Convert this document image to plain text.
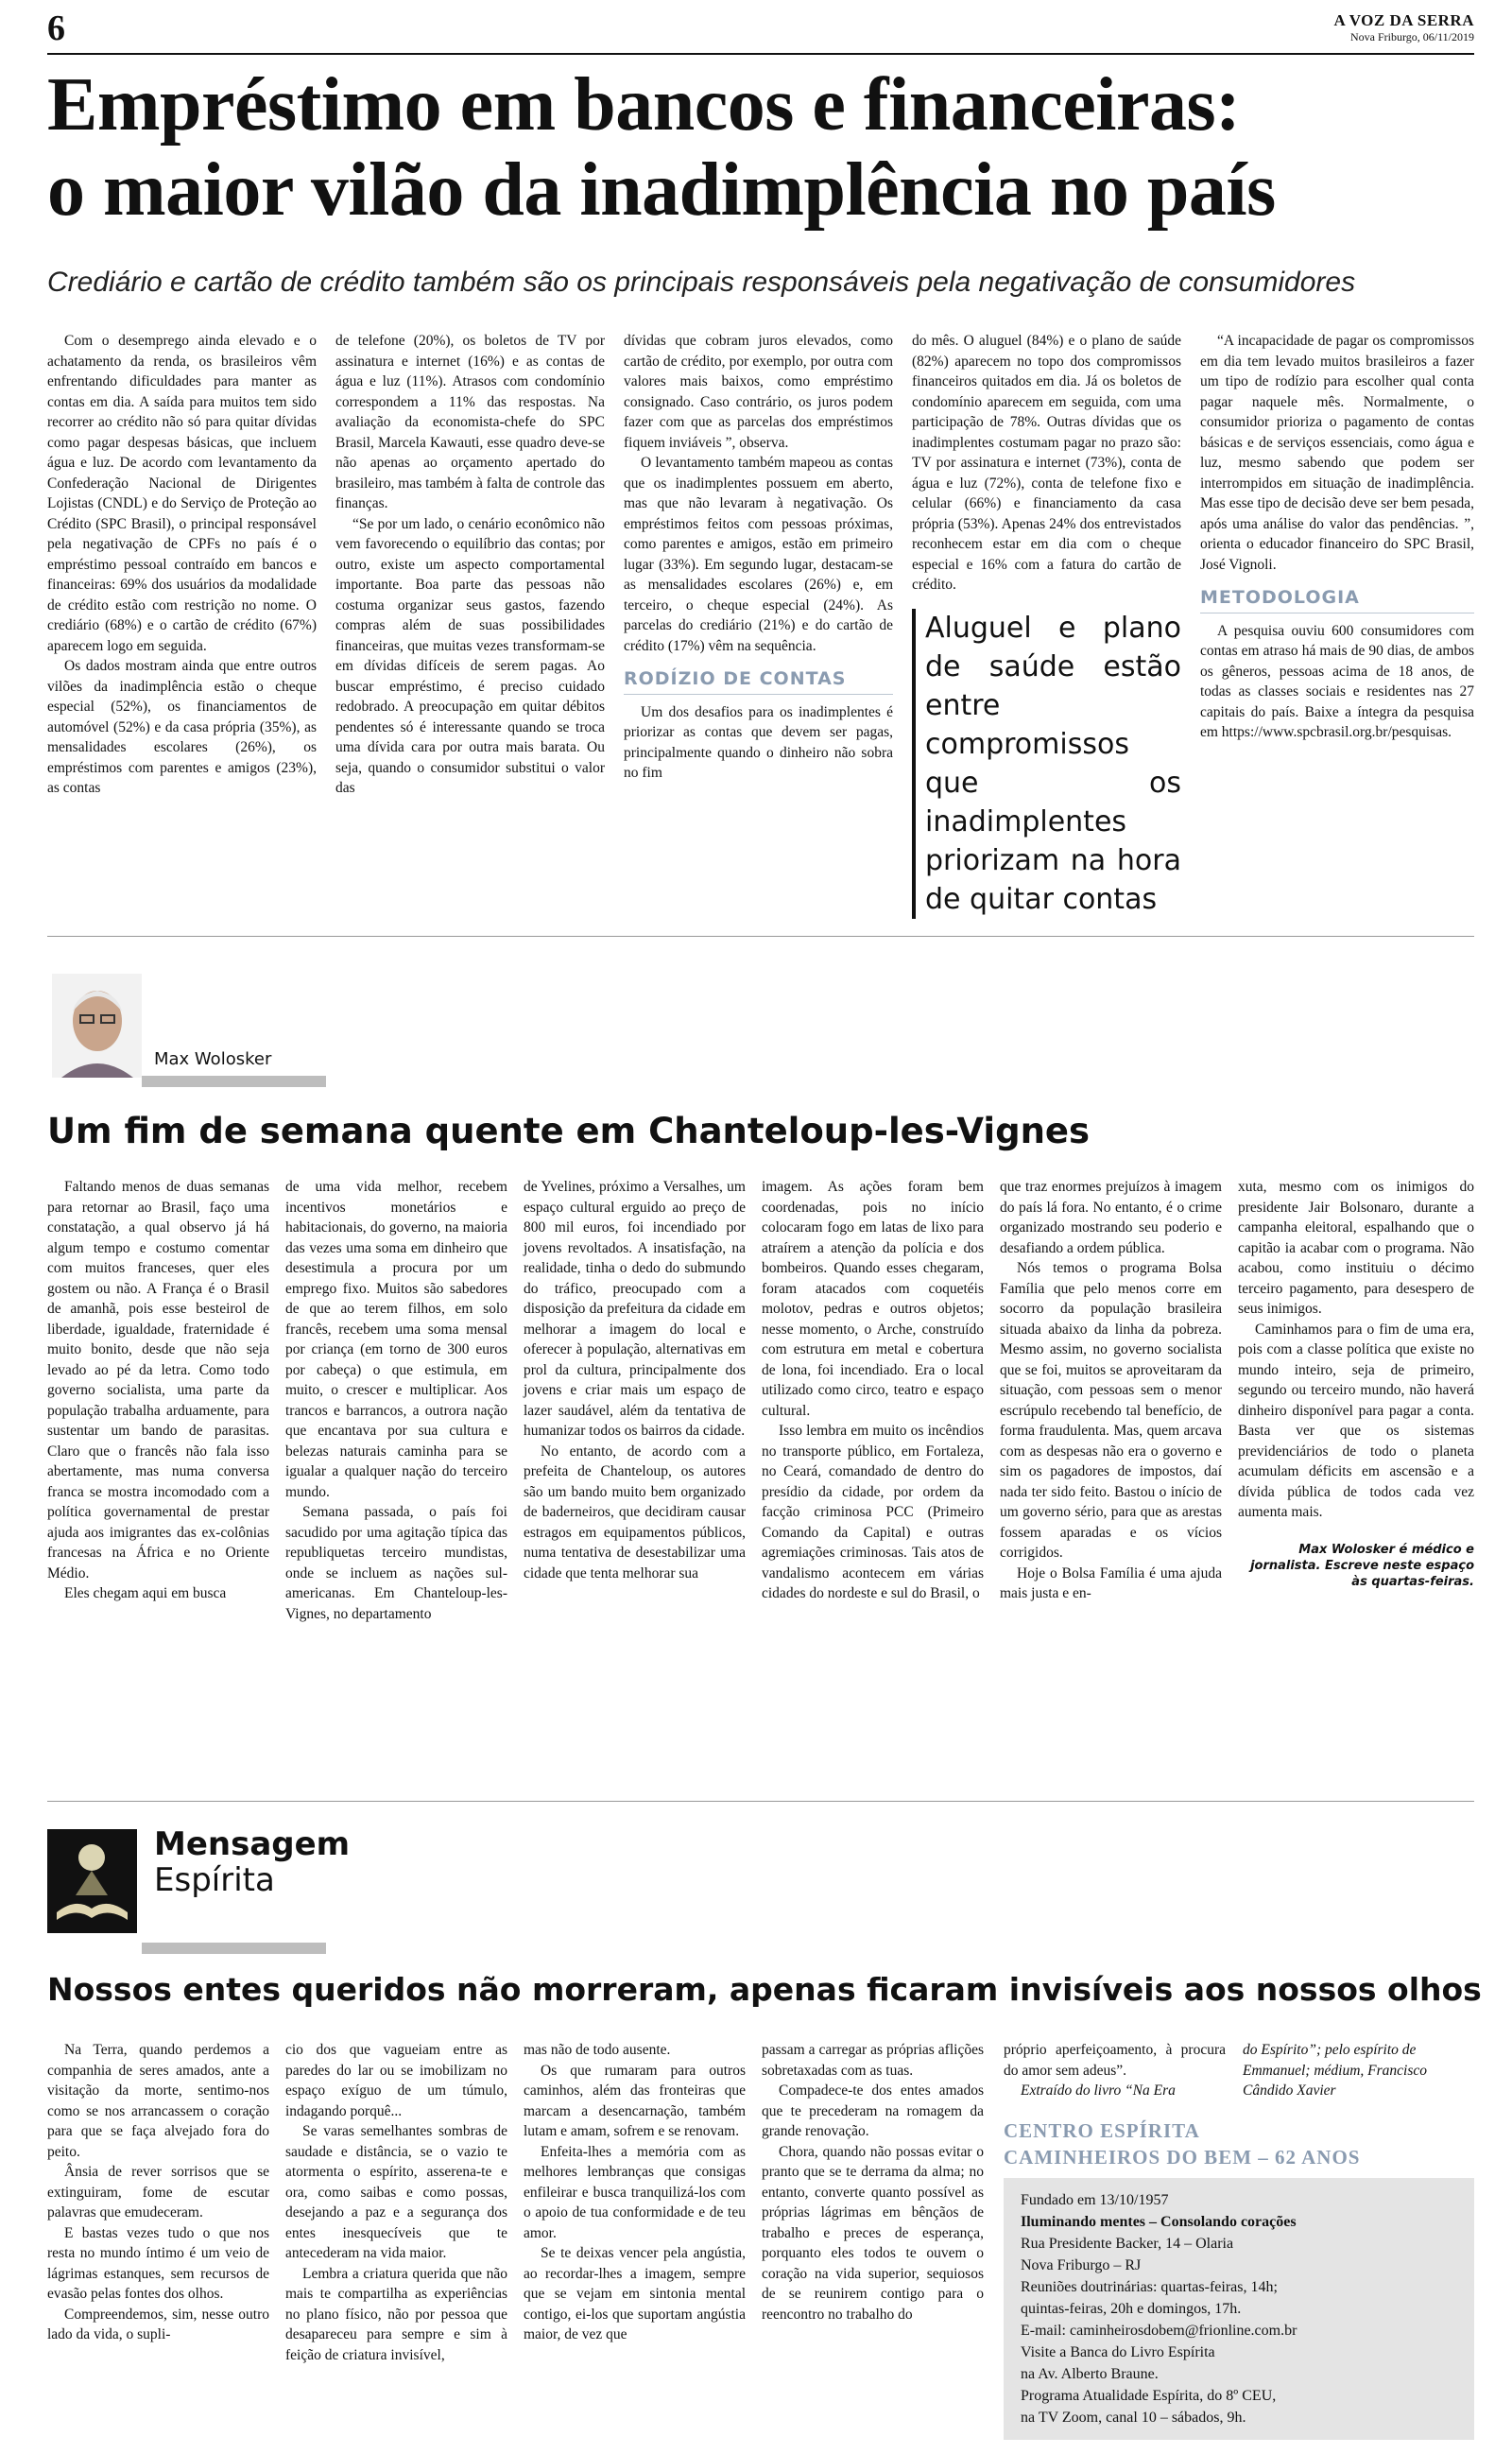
6	A VOZ DA SERRA
Nova Friburgo, 06/11/2019
Empréstimo em bancos e financeiras:
o maior vilão da inadimplência no país
Crediário e cartão de crédito também são os principais responsáveis pela negativação de consumidores

Com o desemprego ainda elevado e o achatamento da renda, os brasileiros vêm enfrentando dificuldades para manter as contas em dia. A saída para muitos tem sido recorrer ao crédito não só para quitar dívidas como pagar despesas básicas, que incluem água e luz. De acordo com levantamento da Confederação Nacional de Dirigentes Lojistas (CNDL) e do Serviço de Proteção ao Crédito (SPC Brasil), o principal responsável pela negativação de CPFs no país é o empréstimo pessoal contraído em bancos e financeiras: 69% dos usuários da modalidade de crédito estão com restrição no nome. O crediário (68%) e o cartão de crédito (67%) aparecem logo em seguida.

Os dados mostram ainda que entre outros vilões da inadimplência estão o cheque especial (52%), os financiamentos de automóvel (52%) e da casa própria (35%), as mensalidades escolares (26%), os empréstimos com parentes e amigos (23%), as contas

de telefone (20%), os boletos de TV por assinatura e internet (16%) e as contas de água e luz (11%). Atrasos com condomínio correspondem a 11% das respostas. Na avaliação da economista-chefe do SPC Brasil, Marcela Kawauti, esse quadro deve-se não apenas ao orçamento apertado do brasileiro, mas também à falta de controle das finanças.

“Se por um lado, o cenário econômico não vem favorecendo o equilíbrio das contas; por outro, existe um aspecto comportamental importante. Boa parte das pessoas não costuma organizar seus gastos, fazendo compras além de suas possibilidades financeiras, que muitas vezes transformam-se em dívidas difíceis de serem pagas. Ao buscar empréstimo, é preciso cuidado redobrado. A preocupação em quitar débitos pendentes só é interessante quando se troca uma dívida cara por outra mais barata. Ou seja, quando o consumidor substitui o valor das

dívidas que cobram juros elevados, como cartão de crédito, por exemplo, por outra com valores mais baixos, como empréstimo consignado. Caso contrário, os juros podem fazer com que as parcelas dos empréstimos fiquem inviáveis ”, observa.

O levantamento também mapeou as contas que os inadimplentes possuem em aberto, mas que não levaram à negativação. Os empréstimos feitos com pessoas próximas, como parentes e amigos, estão em primeiro lugar (33%). Em segundo lugar, destacam-se as mensalidades escolares (26%) e, em terceiro, o cheque especial (24%). As parcelas do crediário (21%) e do cartão de crédito (17%) vêm na sequência.

RODÍZIO DE CONTAS

Um dos desafios para os inadimplentes é priorizar as contas que devem ser pagas, principalmente quando o dinheiro não sobra no fim

do mês. O aluguel (84%) e o plano de saúde (82%) aparecem no topo dos compromissos financeiros quitados em dia. Já os boletos de condomínio aparecem em seguida, com uma participação de 78%. Outras dívidas que os inadimplentes costumam pagar no prazo são: TV por assinatura e internet (73%), conta de água e luz (72%), conta de telefone fixo e celular (66%) e financiamento da casa própria (53%). Apenas 24% dos entrevistados reconhecem estar em dia com o cheque especial e 16% com a fatura do cartão de crédito.

Aluguel e plano de saúde estão entre compromissos que os inadimplentes priorizam na hora de quitar contas

“A incapacidade de pagar os compromissos em dia tem levado muitos brasileiros a fazer um tipo de rodízio para escolher qual conta pagar naquele mês. Normalmente, o consumidor prioriza o pagamento de contas básicas e de serviços essenciais, como água e luz, mesmo sabendo que podem ser interrompidos em situação de inadimplência. Mas esse tipo de decisão deve ser bem pesada, após uma análise do valor das pendências. ”, orienta o educador financeiro do SPC Brasil, José Vignoli.

METODOLOGIA

A pesquisa ouviu 600 consumidores com contas em atraso há mais de 90 dias, de ambos os gêneros, pessoas acima de 18 anos, de todas as classes sociais e residentes nas 27 capitais do país. Baixe a íntegra da pesquisa em https://www.spcbrasil.org.br/pesquisas.

Max Wolosker
Um fim de semana quente em Chanteloup-les-Vignes

Faltando menos de duas semanas para retornar ao Brasil, faço uma constatação, a qual observo já há algum tempo e costumo comentar com muitos franceses, quer eles gostem ou não. A França é o Brasil de amanhã, pois esse besteirol de liberdade, igualdade, fraternidade é muito bonito, desde que não seja levado ao pé da letra. Como todo governo socialista, uma parte da população trabalha arduamente, para sustentar um bando de parasitas. Claro que o francês não fala isso abertamente, mas numa conversa franca se mostra incomodado com a política governamental de prestar ajuda aos imigrantes das ex-colônias francesas na África e no Oriente Médio.

Eles chegam aqui em busca

de uma vida melhor, recebem incentivos monetários e habitacionais, do governo, na maioria das vezes uma soma em dinheiro que desestimula a procura por um emprego fixo. Muitos são sabedores de que ao terem filhos, em solo francês, recebem uma soma mensal por criança (em torno de 300 euros por cabeça) o que estimula, em muito, o crescer e multiplicar. Aos trancos e barrancos, a outrora nação que encantava por sua cultura e belezas naturais caminha para se igualar a qualquer nação do terceiro mundo.

Semana passada, o país foi sacudido por uma agitação típica das republiquetas terceiro mundistas, onde se incluem as nações sul-americanas. Em Chanteloup-les-Vignes, no departamento

de Yvelines, próximo a Versalhes, um espaço cultural erguido ao preço de 800 mil euros, foi incendiado por jovens revoltados. A insatisfação, na realidade, tinha o dedo do submundo do tráfico, preocupado com a disposição da prefeitura da cidade em melhorar a imagem do local e oferecer à população, alternativas em prol da cultura, principalmente dos jovens e criar mais um espaço de lazer saudável, além da tentativa de humanizar todos os bairros da cidade.

No entanto, de acordo com a prefeita de Chanteloup, os autores são um bando muito bem organizado de baderneiros, que decidiram causar estragos em equipamentos públicos, numa tentativa de desestabilizar uma cidade que tenta melhorar sua

imagem. As ações foram bem coordenadas, pois no início colocaram fogo em latas de lixo para atraírem a atenção da polícia e dos bombeiros. Quando esses chegaram, foram atacados com coquetéis molotov, pedras e outros objetos; nesse momento, o Arche, construído com estrutura em metal e cobertura de lona, foi incendiado. Era o local utilizado como circo, teatro e espaço cultural.

Isso lembra em muito os incêndios no transporte público, em Fortaleza, no Ceará, comandado de dentro do presídio da cidade, por ordem da facção criminosa PCC (Primeiro Comando da Capital) e outras agremiações criminosas. Tais atos de vandalismo acontecem em várias cidades do nordeste e sul do Brasil, o

que traz enormes prejuízos à imagem do país lá fora. No entanto, é o crime organizado mostrando seu poderio e desafiando a ordem pública.

Nós temos o programa Bolsa Família que pelo menos corre em socorro da população brasileira situada abaixo da linha da pobreza. Mesmo assim, no governo socialista que se foi, muitos se aproveitaram da situação, com pessoas sem o menor escrúpulo recebendo tal benefício, de forma fraudulenta. Mas, quem arcava com as despesas não era o governo e sim os pagadores de impostos, daí nada ter sido feito. Bastou o início de um governo sério, para que as arestas fossem aparadas e os vícios corrigidos.

Hoje o Bolsa Família é uma ajuda mais justa e en-

xuta, mesmo com os inimigos do presidente Jair Bolsonaro, durante a campanha eleitoral, espalhando que o capitão ia acabar com o programa. Não acabou, como instituiu o décimo terceiro pagamento, para desespero de seus inimigos.

Caminhamos para o fim de uma era, pois com a classe política que existe no mundo inteiro, seja de primeiro, segundo ou terceiro mundo, não haverá dinheiro disponível para pagar a conta. Basta ver que os sistemas previdenciários de todo o planeta acumulam déficits em ascensão e a dívida pública de todos cada vez aumenta mais.

Max Wolosker é médico e jornalista. Escreve neste espaço às quartas-feiras.
Mensagem
Espírita
Nossos entes queridos não morreram, apenas ficaram invisíveis aos nossos olhos

Na Terra, quando perdemos a companhia de seres amados, ante a visitação da morte, sentimo-nos como se nos arrancassem o coração para que se faça alvejado fora do peito.

Ânsia de rever sorrisos que se extinguiram, fome de escutar palavras que emudeceram.

E bastas vezes tudo o que nos resta no mundo íntimo é um veio de lágrimas estanques, sem recursos de evasão pelas fontes dos olhos.

Compreendemos, sim, nesse outro lado da vida, o supli-

cio dos que vagueiam entre as paredes do lar ou se imobilizam no espaço exíguo de um túmulo, indagando porquê...

Se varas semelhantes sombras de saudade e distância, se o vazio te atormenta o espírito, asserena-te e ora, como saibas e como possas, desejando a paz e a segurança dos entes inesquecíveis que te antecederam na vida maior.

Lembra a criatura querida que não mais te compartilha as experiências no plano físico, não por pessoa que desapareceu para sempre e sim à feição de criatura invisível,

mas não de todo ausente.

Os que rumaram para outros caminhos, além das fronteiras que marcam a desencarnação, também lutam e amam, sofrem e se renovam.

Enfeita-lhes a memória com as melhores lembranças que consigas enfileirar e busca tranquilizá-los com o apoio de tua conformidade e de teu amor.

Se te deixas vencer pela angústia, ao recordar-lhes a imagem, sempre que se vejam em sintonia mental contigo, ei-los que suportam angústia maior, de vez que

passam a carregar as próprias aflições sobretaxadas com as tuas.

Compadece-te dos entes amados que te precederam na romagem da grande renovação.

Chora, quando não possas evitar o pranto que se te derrama da alma; no entanto, converte quanto possível as próprias lágrimas em bênçãos de trabalho e preces de esperança, porquanto eles todos te ouvem o coração na vida superior, sequiosos de se reunirem contigo para o reencontro no trabalho do

próprio aperfeiçoamento, à procura do amor sem adeus”.

Extraído do livro “Na Era

do Espírito”; pelo espírito de Emmanuel; médium, Francisco Cândido Xavier
CENTRO ESPÍRITA
CAMINHEIROS DO BEM – 62 ANOS
Fundado em 13/10/1957
Iluminando mentes – Consolando corações
Rua Presidente Backer, 14 – Olaria
Nova Friburgo – RJ
Reuniões doutrinárias: quartas-feiras, 14h;
quintas-feiras, 20h e domingos, 17h.
E-mail: caminheirosdobem@frionline.com.br
Visite a Banca do Livro Espírita
na Av. Alberto Braune.
Programa Atualidade Espírita, do 8º CEU,
na TV Zoom, canal 10 – sábados, 9h.
